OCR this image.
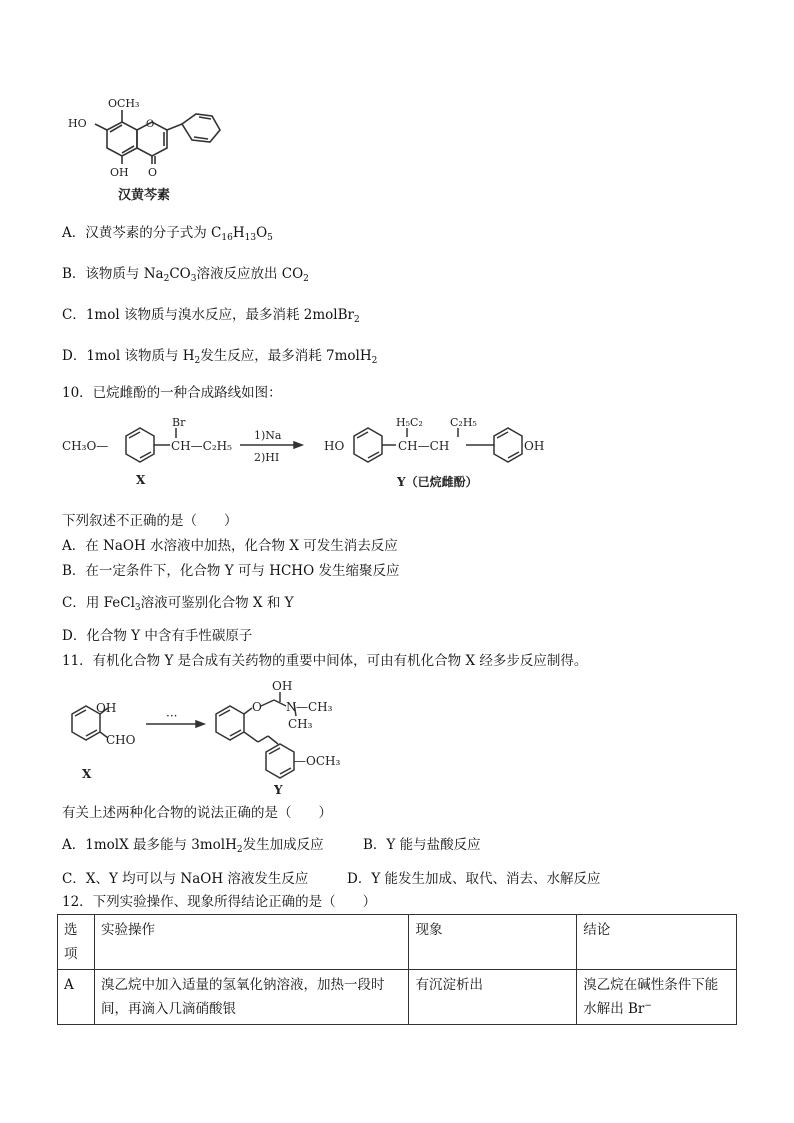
OCH₃
HO	O
OH O
汉黄芩素
A．汉黄芩素的分子式为 $C_{16}H_{13}O_5$
B．该物质与 $Na_2CO_3$溶液反应放出 $CO_2$
C．1mol 该物质与溴水反应，最多消耗 2molBr$_2$
D．1mol 该物质与 $H_2$发生反应，最多消耗 7molH$_2$
10．已烷雌酚的一种合成路线如图：
CH₃O—
Br
CH—C₂H₅
X
1)Na
2)HI
HO
H₅C₂ C₂H₅
CH—CH	OH
Y（已烷雌酚）
下列叙述不正确的是（　　）
A．在 NaOH 水溶液中加热，化合物 X 可发生消去反应
B．在一定条件下，化合物 Y 可与 HCHO 发生缩聚反应
C．用 FeCl$_3$溶液可鉴别化合物 X 和 Y
D．化合物 Y 中含有手性碳原子
11．有机化合物 Y 是合成有关药物的重要中间体，可由有机化合物 X 经多步反应制得。
OH
CHO
X
···
OH
O N —CH₃
CH₃
—OCH₃
Y
有关上述两种化合物的说法正确的是（　　）
A．1molX 最多能与 3molH$_2$发生加成反应	B．Y 能与盐酸反应
C．X、Y 均可以与 NaOH 溶液发生反应	D．Y 能发生加成、取代、消去、水解反应
12．下列实验操作、现象所得结论正确的是（　　）
选项	实验操作	现象	结论
A	溴乙烷中加入适量的氢氧化钠溶液，加热一段时间，再滴入几滴硝酸银	有沉淀析出	溴乙烷在碱性条件下能水解出 Br−
